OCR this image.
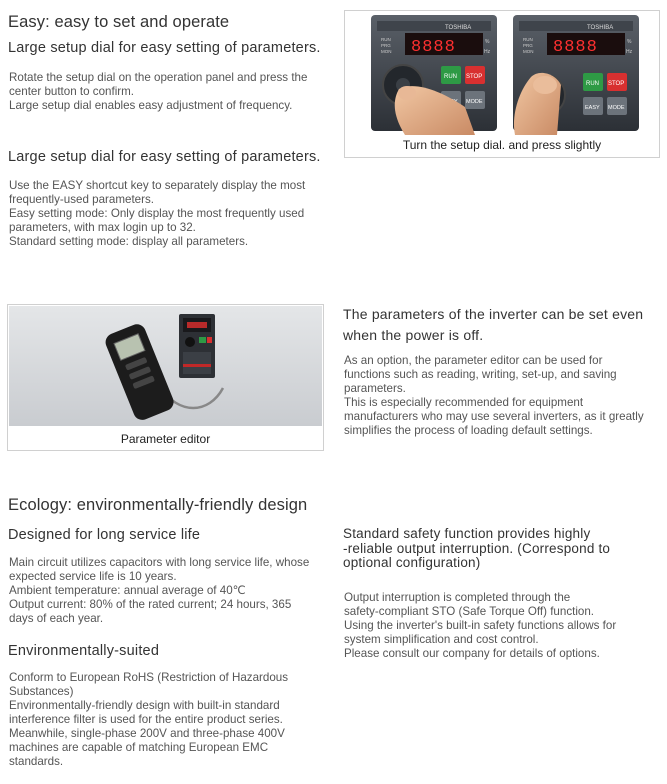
Easy: easy to set and operate
Large setup dial for easy setting of parameters.
Rotate the setup dial on the operation panel and press the
center button to confirm.
Large setup dial enables easy adjustment of frequency.
Large setup dial for easy setting of parameters.
Use the EASY shortcut key to separately display the most
frequently-used parameters.
Easy setting mode: Only display the most frequently used
parameters, with max login up to 32.
Standard setting mode: display all parameters.
TOSHIBA
8888
RUN
PRG
MON
%
Hz
RUN STOP
MODE
TOSHIBA
8888
RUN
PRG
MON
%
Hz
RUN STOP
EASY MODE
Turn the setup dial. and press slightly
Parameter editor
The parameters of the inverter can be set even
when the power is off.
As an option, the parameter editor can be used for
functions such as reading, writing, set-up, and saving
parameters.
This is especially recommended for equipment
manufacturers who may use several inverters, as it greatly
simplifies the process of loading default settings.
Ecology: environmentally-friendly design
Designed for long service life
Main circuit utilizes capacitors with long service life, whose
expected service life is 10 years.
Ambient temperature: annual average of 40℃
Output current: 80% of the rated current; 24 hours, 365
days of each year.
Environmentally-suited
Conform to European RoHS (Restriction of Hazardous
Substances)
Environmentally-friendly design with built-in standard
interference filter is used for the entire product series.
Meanwhile, single-phase 200V and three-phase 400V
machines are capable of matching European EMC
standards.
Standard safety function provides highly
-reliable output interruption. (Correspond to
optional configuration)
Output interruption is completed through the
safety-compliant STO (Safe Torque Off) function.
Using the inverter's built-in safety functions allows for
system simplification and cost control.
Please consult our company for details of options.
